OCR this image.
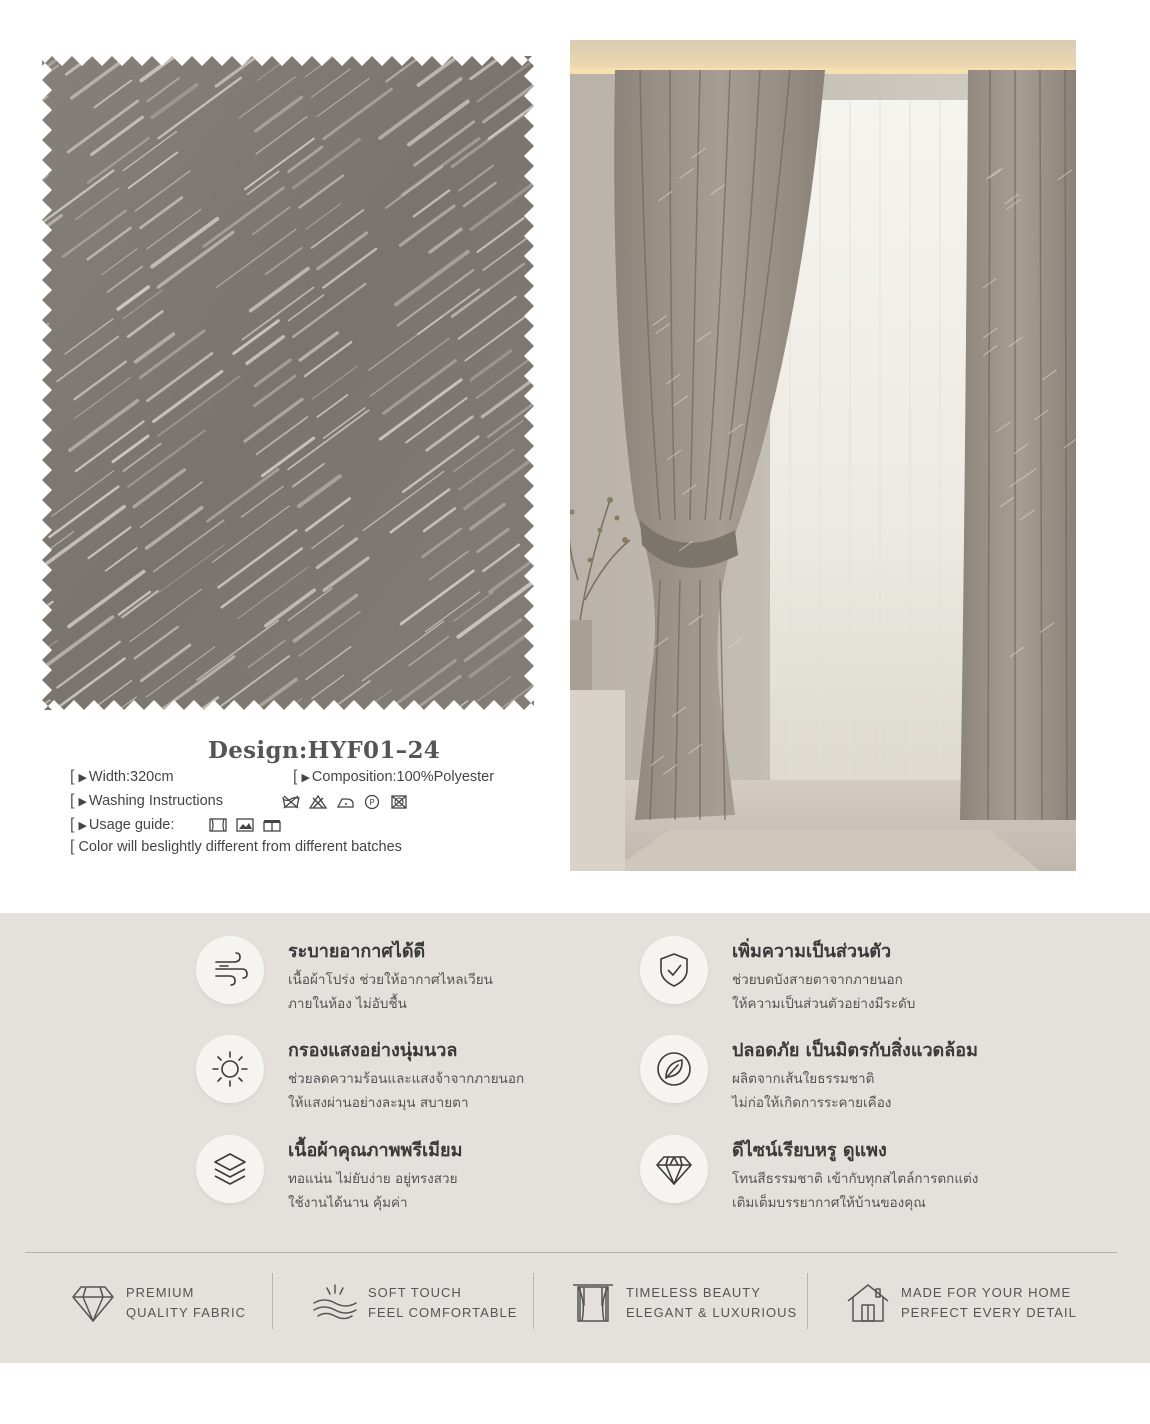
Design:HYF01–24
[ ▶ Width:320cm	[ ▶ Composition:100%Polyester
[ ▶ Washing Instructions	P
[ ▶ Usage guide:
[ Color will beslightly different from different batches
ระบายอากาศได้ดี
เนื้อผ้าโปร่ง ช่วยให้อากาศไหลเวียน
ภายในห้อง ไม่อับชื้น
เพิ่มความเป็นส่วนตัว
ช่วยบดบังสายตาจากภายนอก
ให้ความเป็นส่วนตัวอย่างมีระดับ
กรองแสงอย่างนุ่มนวล
ช่วยลดความร้อนและแสงจ้าจากภายนอก
ให้แสงผ่านอย่างละมุน สบายตา
ปลอดภัย เป็นมิตรกับสิ่งแวดล้อม
ผลิตจากเส้นใยธรรมชาติ
ไม่ก่อให้เกิดการระคายเคือง
เนื้อผ้าคุณภาพพรีเมียม
ทอแน่น ไม่ยับง่าย อยู่ทรงสวย
ใช้งานได้นาน คุ้มค่า
ดีไซน์เรียบหรู ดูแพง
โทนสีธรรมชาติ เข้ากับทุกสไตล์การตกแต่ง
เติมเต็มบรรยากาศให้บ้านของคุณ
PREMIUM
QUALITY FABRIC
SOFT TOUCH
FEEL COMFORTABLE
TIMELESS BEAUTY
ELEGANT & LUXURIOUS
MADE FOR YOUR HOME
PERFECT EVERY DETAIL
